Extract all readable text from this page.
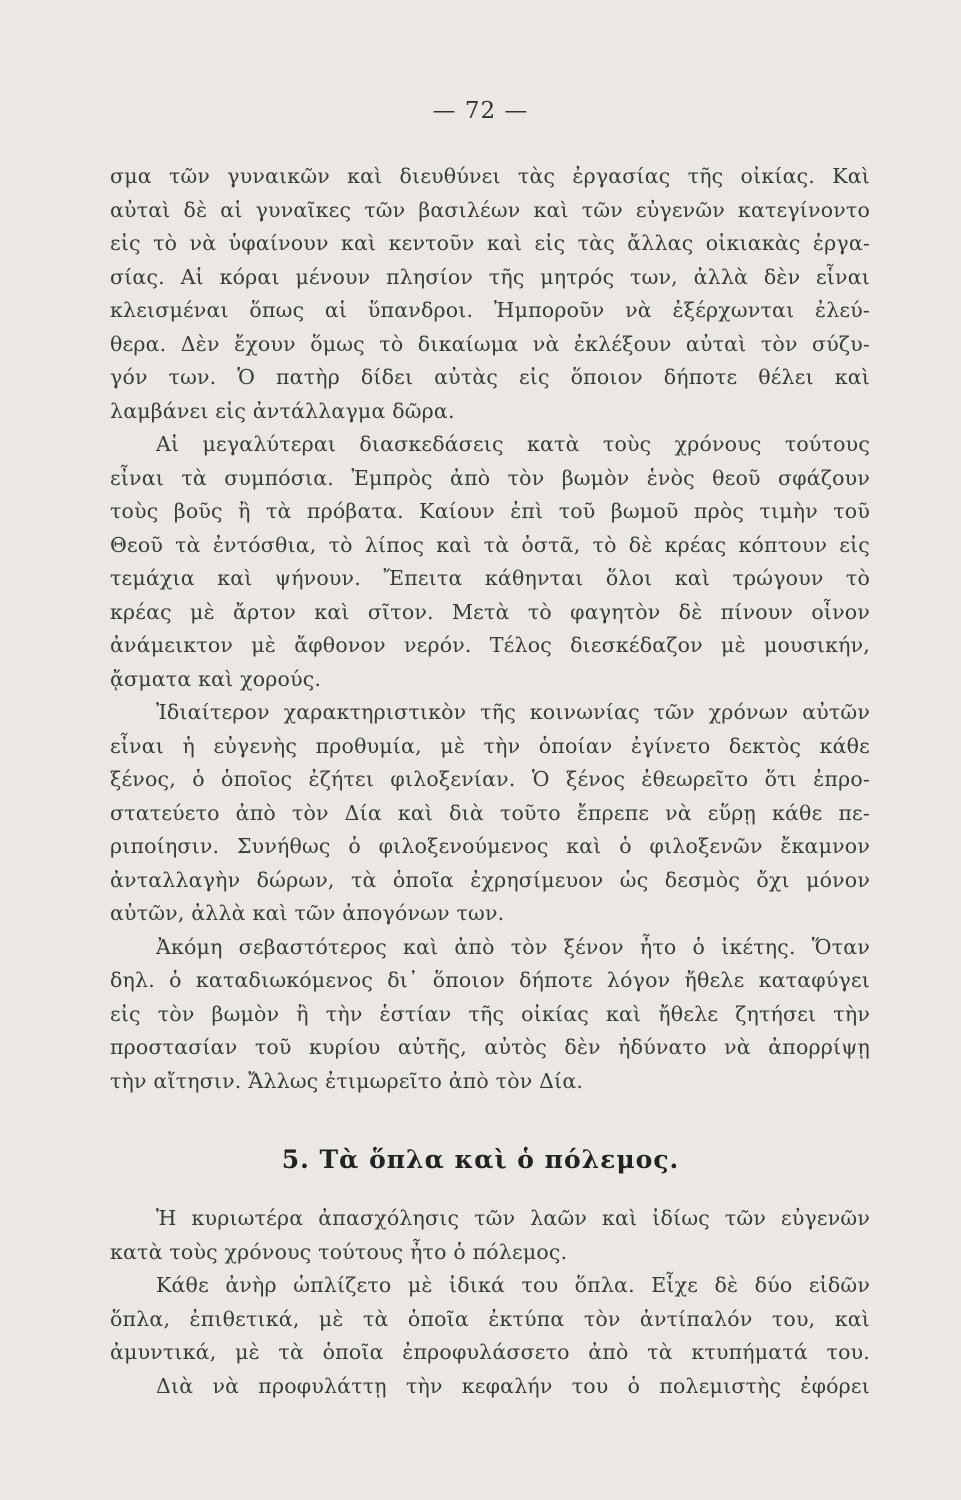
— 72 —
σμα τῶν γυναικῶν καὶ διευθύνει τὰς ἐργασίας τῆς οἰκίας. Καὶ
αὐταὶ δὲ αἱ γυναῖκες τῶν βασιλέων καὶ τῶν εὐγενῶν κατεγίνοντο
εἰς τὸ νὰ ὑφαίνουν καὶ κεντοῦν καὶ εἰς τὰς ἄλλας οἰκιακὰς ἐργα-
σίας. Αἱ κόραι μένουν πλησίον τῆς μητρός των, ἀλλὰ δὲν εἶναι
κλεισμέναι ὅπως αἱ ὕπανδροι. Ἠμποροῦν νὰ ἐξέρχωνται ἐλεύ-
θερα. Δὲν ἔχουν ὅμως τὸ δικαίωμα νὰ ἐκλέξουν αὐταὶ τὸν σύζυ-
γόν των. Ὁ πατὴρ δίδει αὐτὰς εἰς ὅποιον δήποτε θέλει καὶ
λαμβάνει εἰς ἀντάλλαγμα δῶρα.
Αἱ μεγαλύτεραι διασκεδάσεις κατὰ τοὺς χρόνους τούτους
εἶναι τὰ συμπόσια. Ἐμπρὸς ἀπὸ τὸν βωμὸν ἑνὸς θεοῦ σφάζουν
τοὺς βοῦς ἢ τὰ πρόβατα. Καίουν ἐπὶ τοῦ βωμοῦ πρὸς τιμὴν τοῦ
Θεοῦ τὰ ἐντόσθια, τὸ λίπος καὶ τὰ ὀστᾶ, τὸ δὲ κρέας κόπτουν εἰς
τεμάχια καὶ ψήνουν. Ἔπειτα κάθηνται ὅλοι καὶ τρώγουν τὸ
κρέας μὲ ἄρτον καὶ σῖτον. Μετὰ τὸ φαγητὸν δὲ πίνουν οἶνον
ἀνάμεικτον μὲ ἄφθονον νερόν. Τέλος διεσκέδαζον μὲ μουσικήν,
ᾄσματα καὶ χορούς.
Ἰδιαίτερον χαρακτηριστικὸν τῆς κοινωνίας τῶν χρόνων αὐτῶν
εἶναι ἡ εὐγενὴς προθυμία, μὲ τὴν ὁποίαν ἐγίνετο δεκτὸς κάθε
ξένος, ὁ ὁποῖος ἐζήτει φιλοξενίαν. Ὁ ξένος ἐθεωρεῖτο ὅτι ἐπρο-
στατεύετο ἀπὸ τὸν Δία καὶ διὰ τοῦτο ἔπρεπε νὰ εὕρῃ κάθε πε-
ριποίησιν. Συνήθως ὁ φιλοξενούμενος καὶ ὁ φιλοξενῶν ἔκαμνον
ἀνταλλαγὴν δώρων, τὰ ὁποῖα ἐχρησίμευον ὡς δεσμὸς ὄχι μόνον
αὐτῶν, ἀλλὰ καὶ τῶν ἀπογόνων των.
Ἀκόμη σεβαστότερος καὶ ἀπὸ τὸν ξένον ἦτο ὁ ἱκέτης. Ὅταν
δηλ. ὁ καταδιωκόμενος δι᾽ ὅποιον δήποτε λόγον ἤθελε καταφύγει
εἰς τὸν βωμὸν ἢ τὴν ἑστίαν τῆς οἰκίας καὶ ἤθελε ζητήσει τὴν
προστασίαν τοῦ κυρίου αὐτῆς, αὐτὸς δὲν ἠδύνατο νὰ ἀπορρίψῃ
τὴν αἴτησιν. Ἄλλως ἐτιμωρεῖτο ἀπὸ τὸν Δία.
5. Τὰ ὅπλα καὶ ὁ πόλεμος.
Ἡ κυριωτέρα ἀπασχόλησις τῶν λαῶν καὶ ἰδίως τῶν εὐγενῶν
κατὰ τοὺς χρόνους τούτους ἦτο ὁ πόλεμος.
Κάθε ἀνὴρ ὡπλίζετο μὲ ἰδικά του ὅπλα. Εἶχε δὲ δύο εἰδῶν
ὅπλα, ἐπιθετικά, μὲ τὰ ὁποῖα ἐκτύπα τὸν ἀντίπαλόν του, καὶ
ἀμυντικά, μὲ τὰ ὁποῖα ἐπροφυλάσσετο ἀπὸ τὰ κτυπήματά του.
Διὰ νὰ προφυλάττῃ τὴν κεφαλήν του ὁ πολεμιστὴς ἐφόρει
